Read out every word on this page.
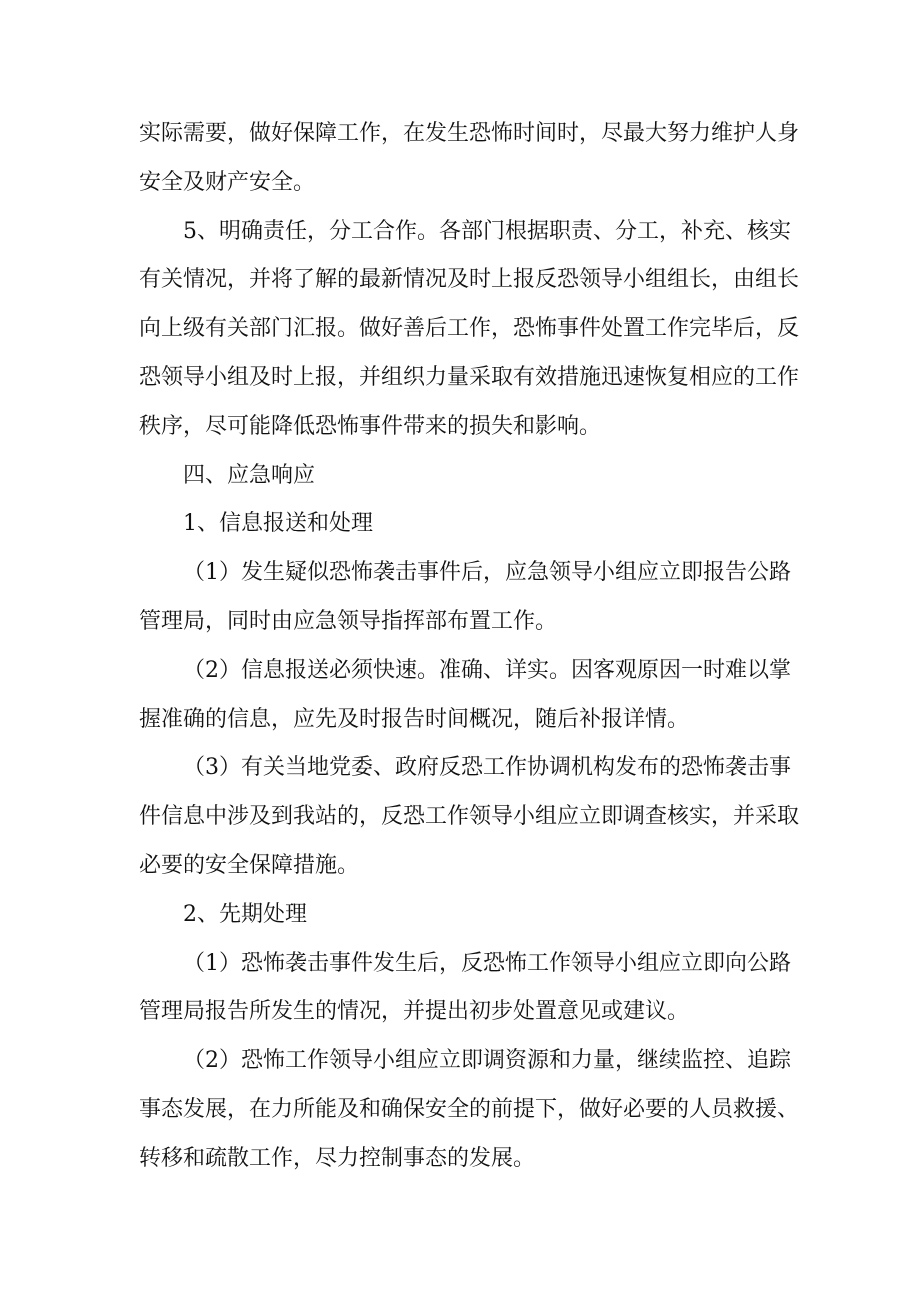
实际需要，做好保障工作，在发生恐怖时间时，尽最大努力维护人身
安全及财产安全。
5、明确责任，分工合作。各部门根据职责、分工，补充、核实
有关情况，并将了解的最新情况及时上报反恐领导小组组长，由组长
向上级有关部门汇报。做好善后工作，恐怖事件处置工作完毕后，反
恐领导小组及时上报，并组织力量采取有效措施迅速恢复相应的工作
秩序，尽可能降低恐怖事件带来的损失和影响。
四、应急响应
1、信息报送和处理
（1）发生疑似恐怖袭击事件后，应急领导小组应立即报告公路
管理局，同时由应急领导指挥部布置工作。
（2）信息报送必须快速。准确、详实。因客观原因一时难以掌
握准确的信息，应先及时报告时间概况，随后补报详情。
（3）有关当地党委、政府反恐工作协调机构发布的恐怖袭击事
件信息中涉及到我站的，反恐工作领导小组应立即调查核实，并采取
必要的安全保障措施。
2、先期处理
（1）恐怖袭击事件发生后，反恐怖工作领导小组应立即向公路
管理局报告所发生的情况，并提出初步处置意见或建议。
（2）恐怖工作领导小组应立即调资源和力量，继续监控、追踪
事态发展，在力所能及和确保安全的前提下，做好必要的人员救援、
转移和疏散工作，尽力控制事态的发展。
